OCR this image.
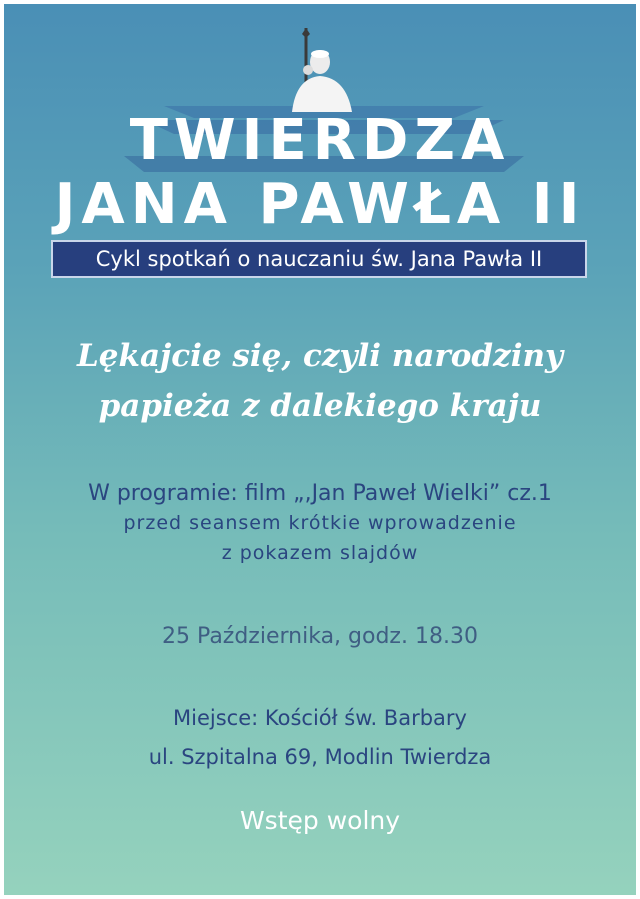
TWIERDZA
JANA PAWŁA II
Cykl spotkań o nauczaniu św. Jana Pawła II
Lękajcie się, czyli narodziny
papieża z dalekiego kraju
W programie: film „,Jan Paweł Wielki” cz.1
przed seansem krótkie wprowadzenie
z pokazem slajdów
25 Października, godz. 18.30
Miejsce: Kościół św. Barbary
ul. Szpitalna 69, Modlin Twierdza
Wstęp wolny
